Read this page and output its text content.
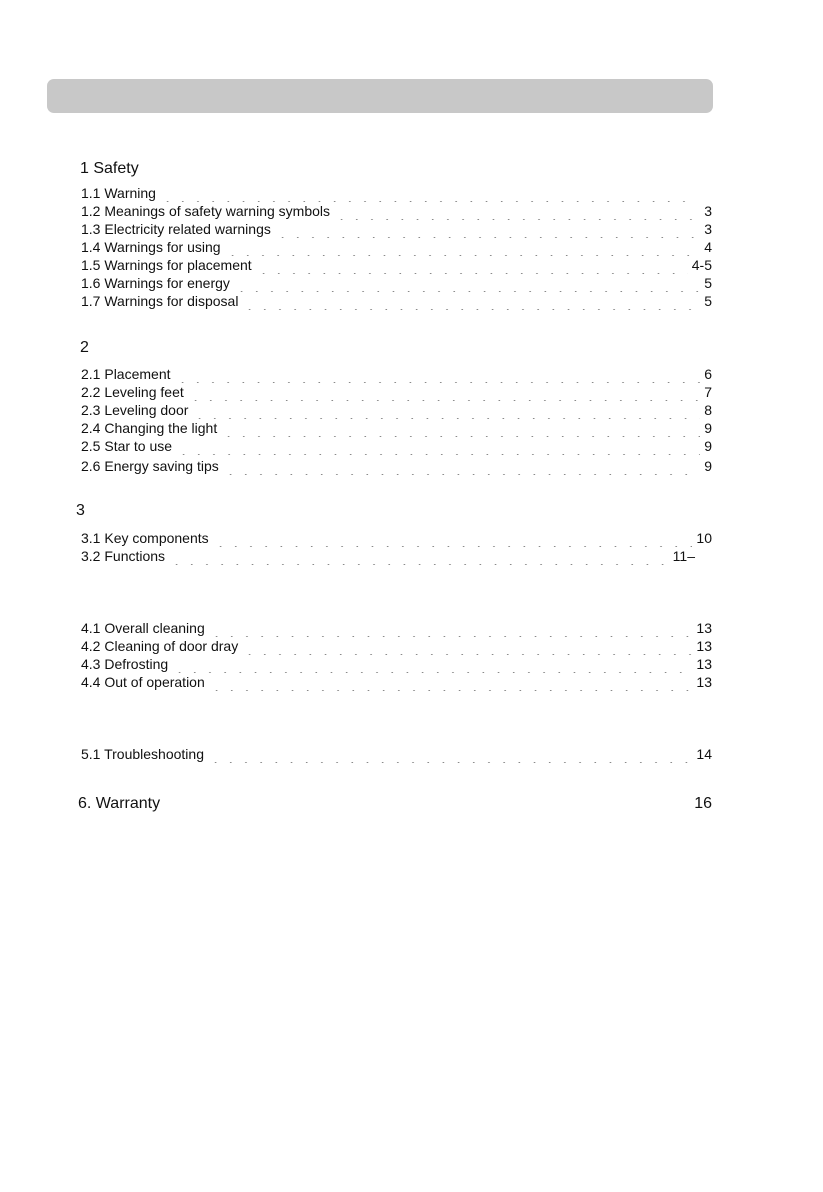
1 Safety
1.1 Warning
1.2 Meanings of safety warning symbols	3
1.3 Electricity related warnings	3
1.4 Warnings for using	4
1.5 Warnings for placement	4-5
1.6 Warnings for energy	5
1.7 Warnings for disposal	5
2
2.1 Placement	6
2.2 Leveling feet	7
2.3 Leveling door	8
2.4 Changing the light	9
2.5 Star to use	9
2.6 Energy saving tips	9
3
3.1 Key components	10
3.2 Functions	11–
4.1 Overall cleaning	13
4.2 Cleaning of door dray	13
4.3 Defrosting	13
4.4 Out of operation	13
5.1 Troubleshooting	14
6. Warranty	16
